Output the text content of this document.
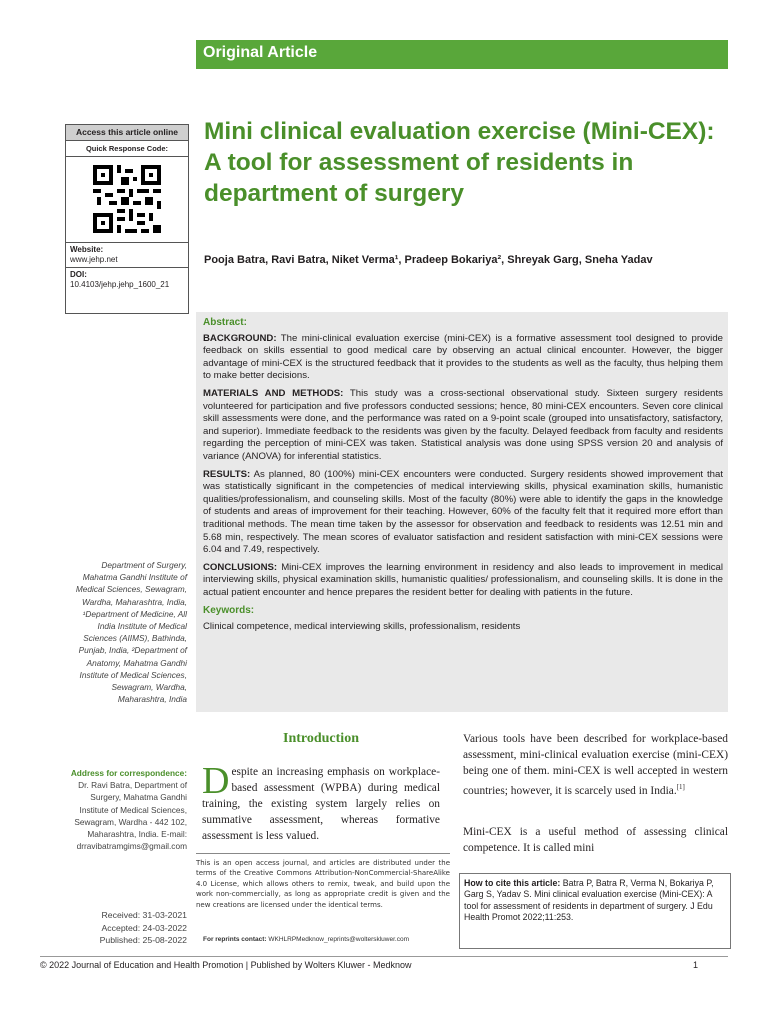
Original Article
Access this article online
Quick Response Code:
Website:
www.jehp.net
DOI:
10.4103/jehp.jehp_1600_21
Mini clinical evaluation exercise (Mini-CEX): A tool for assessment of residents in department of surgery
Pooja Batra, Ravi Batra, Niket Verma¹, Pradeep Bokariya², Shreyak Garg, Sneha Yadav
Abstract:

BACKGROUND: The mini-clinical evaluation exercise (mini-CEX) is a formative assessment tool designed to provide feedback on skills essential to good medical care by observing an actual clinical encounter. However, the bigger advantage of mini-CEX is the structured feedback that it provides to the students as well as the faculty, thus helping them to make better decisions.

MATERIALS AND METHODS: This study was a cross-sectional observational study. Sixteen surgery residents volunteered for participation and five professors conducted sessions; hence, 80 mini-CEX encounters. Seven core clinical skill assessments were done, and the performance was rated on a 9-point scale (grouped into unsatisfactory, satisfactory, and superior). Immediate feedback to the residents was given by the faculty. Delayed feedback from faculty and residents regarding the perception of mini-CEX was taken. Statistical analysis was done using SPSS version 20 and analysis of variance (ANOVA) for inferential statistics.

RESULTS: As planned, 80 (100%) mini-CEX encounters were conducted. Surgery residents showed improvement that was statistically significant in the competencies of medical interviewing skills, physical examination skills, humanistic qualities/professionalism, and counseling skills. Most of the faculty (80%) were able to identify the gaps in the knowledge of students and areas of improvement for their teaching. However, 60% of the faculty felt that it required more effort than traditional methods. The mean time taken by the assessor for observation and feedback to residents was 12.51 min and 5.68 min, respectively. The mean scores of evaluator satisfaction and resident satisfaction with mini-CEX sessions were 6.04 and 7.49, respectively.

CONCLUSIONS: Mini-CEX improves the learning environment in residency and also leads to improvement in medical interviewing skills, physical examination skills, humanistic qualities/ professionalism, and counseling skills. It is done in the actual patient encounter and hence prepares the resident better for dealing with patients in the future.

Keywords:
Clinical competence, medical interviewing skills, professionalism, residents
Department of Surgery, Mahatma Gandhi Institute of Medical Sciences, Sewagram, Wardha, Maharashtra, India, ¹Department of Medicine, All India Institute of Medical Sciences (AIIMS), Bathinda, Punjab, India, ²Department of Anatomy, Mahatma Gandhi Institute of Medical Sciences, Sewagram, Wardha, Maharashtra, India
Address for correspondence:
Dr. Ravi Batra, Department of Surgery, Mahatma Gandhi Institute of Medical Sciences, Sewagram, Wardha - 442 102, Maharashtra, India. E-mail: drravibatramgims@gmail.com
Received: 31-03-2021
Accepted: 24-03-2022
Published: 25-08-2022
Introduction
Despite an increasing emphasis on workplace-based assessment (WPBA) during medical training, the existing system largely relies on summative assessment, whereas formative assessment is less valued.
Various tools have been described for workplace-based assessment, mini-clinical evaluation exercise (mini-CEX) being one of them. mini-CEX is well accepted in western countries; however, it is scarcely used in India.[1]
Mini-CEX is a useful method of assessing clinical competence. It is called mini
This is an open access journal, and articles are distributed under the terms of the Creative Commons Attribution-NonCommercial-ShareAlike 4.0 License, which allows others to remix, tweak, and build upon the work non-commercially, as long as appropriate credit is given and the new creations are licensed under the identical terms.
For reprints contact: WKHLRPMedknow_reprints@wolterskluwer.com
How to cite this article: Batra P, Batra R, Verma N, Bokariya P, Garg S, Yadav S. Mini clinical evaluation exercise (Mini-CEX): A tool for assessment of residents in department of surgery. J Edu Health Promot 2022;11:253.
© 2022 Journal of Education and Health Promotion | Published by Wolters Kluwer - Medknow	1
